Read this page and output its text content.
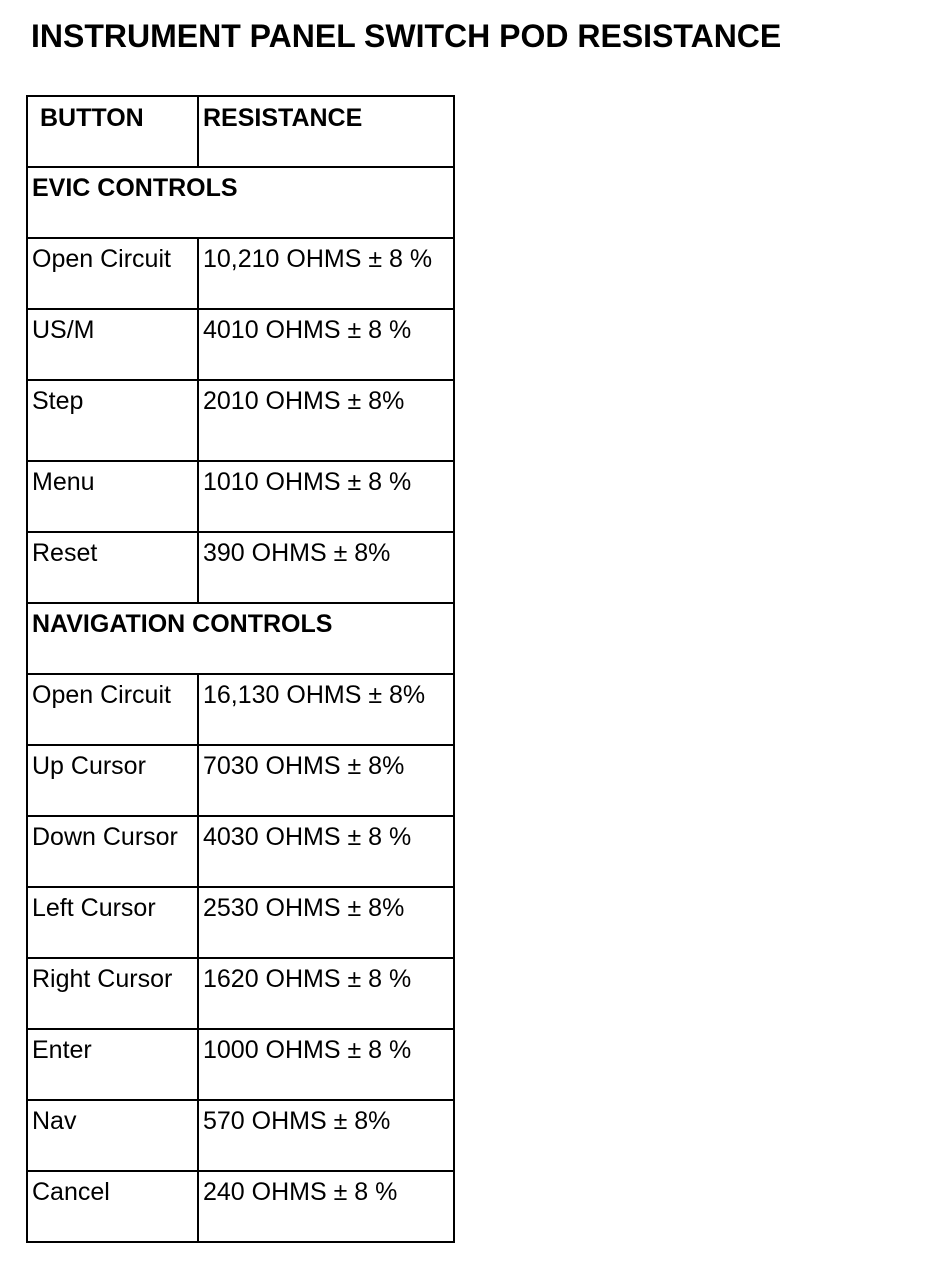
INSTRUMENT PANEL SWITCH POD RESISTANCE
BUTTON	RESISTANCE
EVIC CONTROLS	
Open Circuit	10,210 OHMS ± 8 %
US/M	4010 OHMS ± 8 %
Step	2010 OHMS ± 8%
Menu	1010 OHMS ± 8 %
Reset	390 OHMS ± 8%
NAVIGATION CONTROLS	
Open Circuit	16,130 OHMS ± 8%
Up Cursor	7030 OHMS ± 8%
Down Cursor	4030 OHMS ± 8 %
Left Cursor	2530 OHMS ± 8%
Right Cursor	1620 OHMS ± 8 %
Enter	1000 OHMS ± 8 %
Nav	570 OHMS ± 8%
Cancel	240 OHMS ± 8 %
